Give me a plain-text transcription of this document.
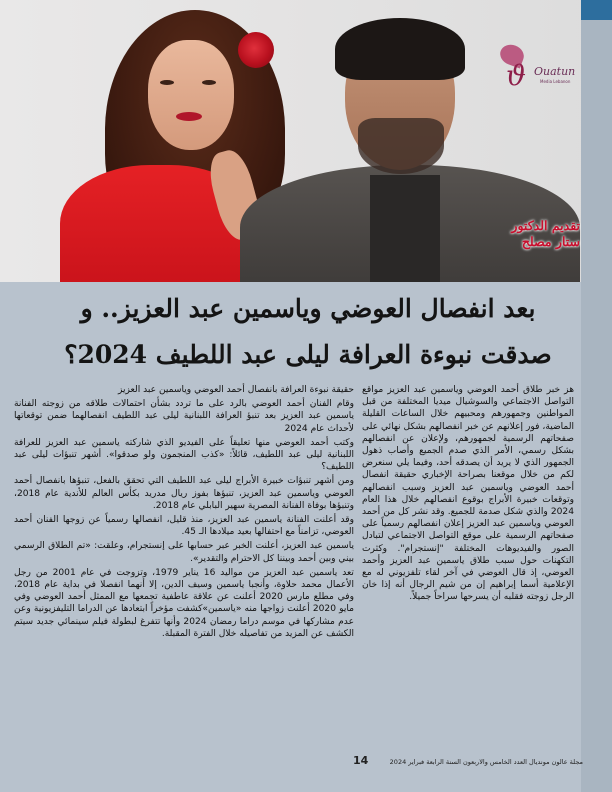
ϑ Ouatun
Media Lebanon
تقديم الدكتور
ستار مصلح
بعد انفصال العوضي وياسمين عبد العزيز.. و
صدقت نبوءة العرافة ليلى عبد اللطيف 2024؟

هز خبر طلاق أحمد العوضي وياسمين عبد العزيز مواقع التواصل الاجتماعي والسوشيال ميديا المختلفة من قبل المواطنين وجمهورهم ومحبيهم خلال الساعات القليلة الماضية، فور إعلانهم عن خبر انفصالهم بشكل نهائي على صفحاتهم الرسمية لجمهورهم، ولإعلان عن انفصالهم بشكل رسمي، الأمر الذي صدم الجميع وأصاب ذهول الجمهور الذي لا يريد أن يصدقه أحد، وفيما يلي سنعرض لكم من خلال موقعنا بصراحة الإخباري حقيقة انفصال أحمد العوضي وياسمين عبد العزيز وسبب انفصالهم وتوقعات خبيرة الأبراج بوقوع انفصالهم خلال هذا العام 2024 والذي شكل صدمة للجميع. وقد نشر كل من أحمد العوضي وياسمين عبد العزيز إعلان انفصالهم رسمياً على صفحاتهم الرسمية على موقع التواصل الاجتماعي لتبادل الصور والفيديوهات المختلفة "إنستجرام". وكثرت التكهنات حول سبب طلاق ياسمين عبد العزيز وأحمد العوضي، إذ قال العوضي في آخر لقاء تلفزيوني له مع الإعلامية أسما إبراهيم إن من شيم الرجال أنه إذا خان الرجل زوجته فقلبه أن يسرحها سراحاً جميلاً.

حقيقة نبوءة العرافة بانفصال أحمد العوضي وياسمين عبد العزيز

وقام الفنان أحمد العوضي بالرد على ما تردد بشأن احتمالات طلاقه من زوجته الفنانة ياسمين عبد العزيز بعد تنبؤ العرافة اللبنانية ليلى عبد اللطيف انفصالهما ضمن توقعاتها لأحداث عام 2024

وكتب أحمد العوضي منها تعليقاً على الفيديو الذي شاركته ياسمين عبد العزيز للعرافة اللبنانية ليلى عبد اللطيف، قائلاً: «كذب المنجمون ولو صدقوا». أشهر تنبؤات ليلى عبد اللطيف؟

ومن أشهر تنبؤات خبيرة الأبراج ليلى عبد اللطيف التي تحقق بالفعل، تنبؤها بانفصال أحمد العوضي وياسمين عبد العزيز، تنبؤها بفوز ريال مدريد بكأس العالم للأندية عام 2018، وتنبؤها بوفاة الفنانة المصرية سهير البابلي عام 2018.

وقد أعلنت الفنانة ياسمين عبد العزيز، منذ قليل، انفصالها رسمياً عن زوجها الفنان أحمد العوضي، تزامناً مع احتفالها بعيد ميلادها الـ 45.

ياسمين عبد العزيز، أعلنت الخبر عبر حسابها على إنستجرام، وعلقت: «تم الطلاق الرسمي بيني وبين أحمد وبيننا كل الاحترام والتقدير».

تعد ياسمين عبد العزيز من مواليد 16 يناير 1979، وتزوجت في عام 2001 من رجل الأعمال محمد حلاوة، وأنجبا ياسمين وسيف الدين، إلا أنهما انفصلا في بداية عام 2018، وفي مطلع مارس 2020 أعلنت عن علاقة عاطفية تجمعها مع الممثل أحمد العوضي وفي مايو 2020 أعلنت زواجها منه «ياسمين»كشفت مؤخراً ابتعادها عن الدراما التليفزيونية وعن عدم مشاركها في موسم دراما رمضان 2024 وأنها تتفرغ لبطولة فيلم سينمائي جديد سيتم الكشف عن المزيد من تفاصيله خلال الفترة المقبلة.

14	مجلة عالون مونديال العدد الخامس والاربعون السنة الرابعة فبراير 2024
